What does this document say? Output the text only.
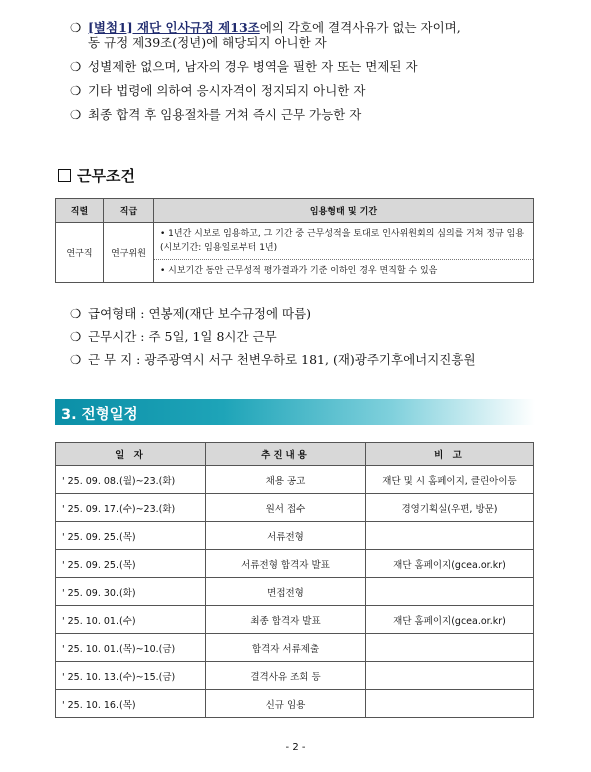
❍ [별첨1] 재단 인사규정 제13조에의 각호에 결격사유가 없는 자이며,
동 규정 제39조(정년)에 해당되지 아니한 자
❍ 성별제한 없으며, 남자의 경우 병역을 필한 자 또는 면제된 자
❍ 기타 법령에 의하여 응시자격이 정지되지 아니한 자
❍ 최종 합격 후 임용절차를 거쳐 즉시 근무 가능한 자
근무조건
직렬	직급	임용형태 및 기간
연구직	연구위원	• 1년간 시보로 임용하고, 그 기간 중 근무성적을 토대로 인사위원회의 심의를 거쳐 정규 임용(시보기간: 임용일로부터 1년)
• 시보기간 동안 근무성적 평가결과가 기준 이하인 경우 면직할 수 있음
❍ 급여형태 : 연봉제(재단 보수규정에 따름)
❍ 근무시간 : 주 5일, 1일 8시간 근무
❍ 근 무 지 : 광주광역시 서구 천변우하로 181, (재)광주기후에너지진흥원
3. 전형일정
일 자	추진내용	비 고
' 25. 09. 08.(월)~23.(화)	채용 공고	재단 및 시 홈페이지, 클린아이등
' 25. 09. 17.(수)~23.(화)	원서 접수	경영기획실(우편, 방문)
' 25. 09. 25.(목)	서류전형	
' 25. 09. 25.(목)	서류전형 합격자 발표	재단 홈페이지(gcea.or.kr)
' 25. 09. 30.(화)	면접전형	
' 25. 10. 01.(수)	최종 합격자 발표	재단 홈페이지(gcea.or.kr)
' 25. 10. 01.(목)~10.(금)	합격자 서류제출	
' 25. 10. 13.(수)~15.(금)	결격사유 조회 등	
' 25. 10. 16.(목)	신규 임용	
- 2 -
